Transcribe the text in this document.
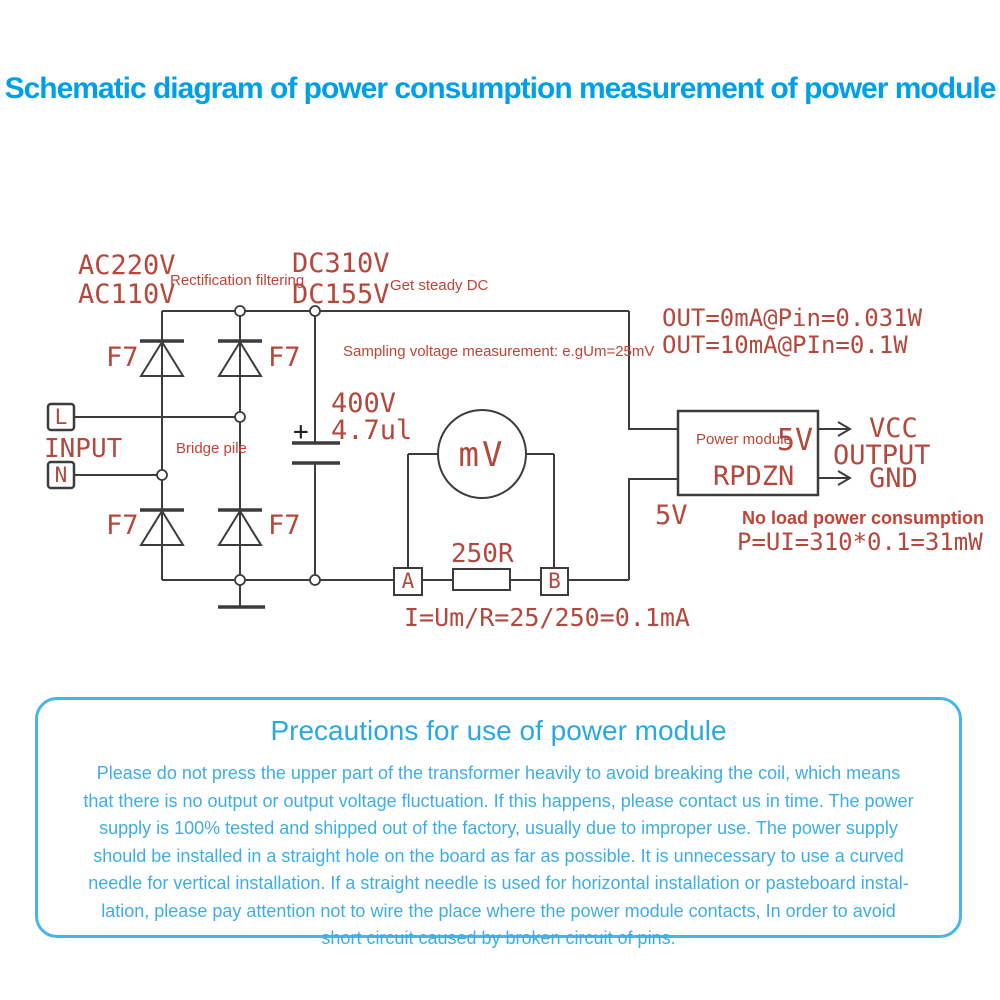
Schematic diagram of power consumption measurement of power module
AC220V
AC110V
Rectification filtering
DC310V
DC155V Get steady DC
F7	F7
F7	F7
L
INPUT
N
Bridge pile
+
400V
4.7ul
Sampling voltage measurement: e.gUm=25mV
mV
250R
A	B
I=Um/R=25/250=0.1mA
OUT=0mA@Pin=0.031W
OUT=10mA@PIn=0.1W
Power module
5V
RPDZN
5V
VCC
OUTPUT
GND
No load power consumption
P=UI=310*0.1=31mW
Precautions for use of power module
Please do not press the upper part of the transformer heavily to avoid breaking the coil, which means
that there is no output or output voltage fluctuation. If this happens, please contact us in time. The power
supply is 100% tested and shipped out of the factory, usually due to improper use. The power supply
should be installed in a straight hole on the board as far as possible. It is unnecessary to use a curved
needle for vertical installation. If a straight needle is used for horizontal installation or pasteboard instal-
lation, please pay attention not to wire the place where the power module contacts, In order to avoid
short circuit caused by broken circuit of pins.
